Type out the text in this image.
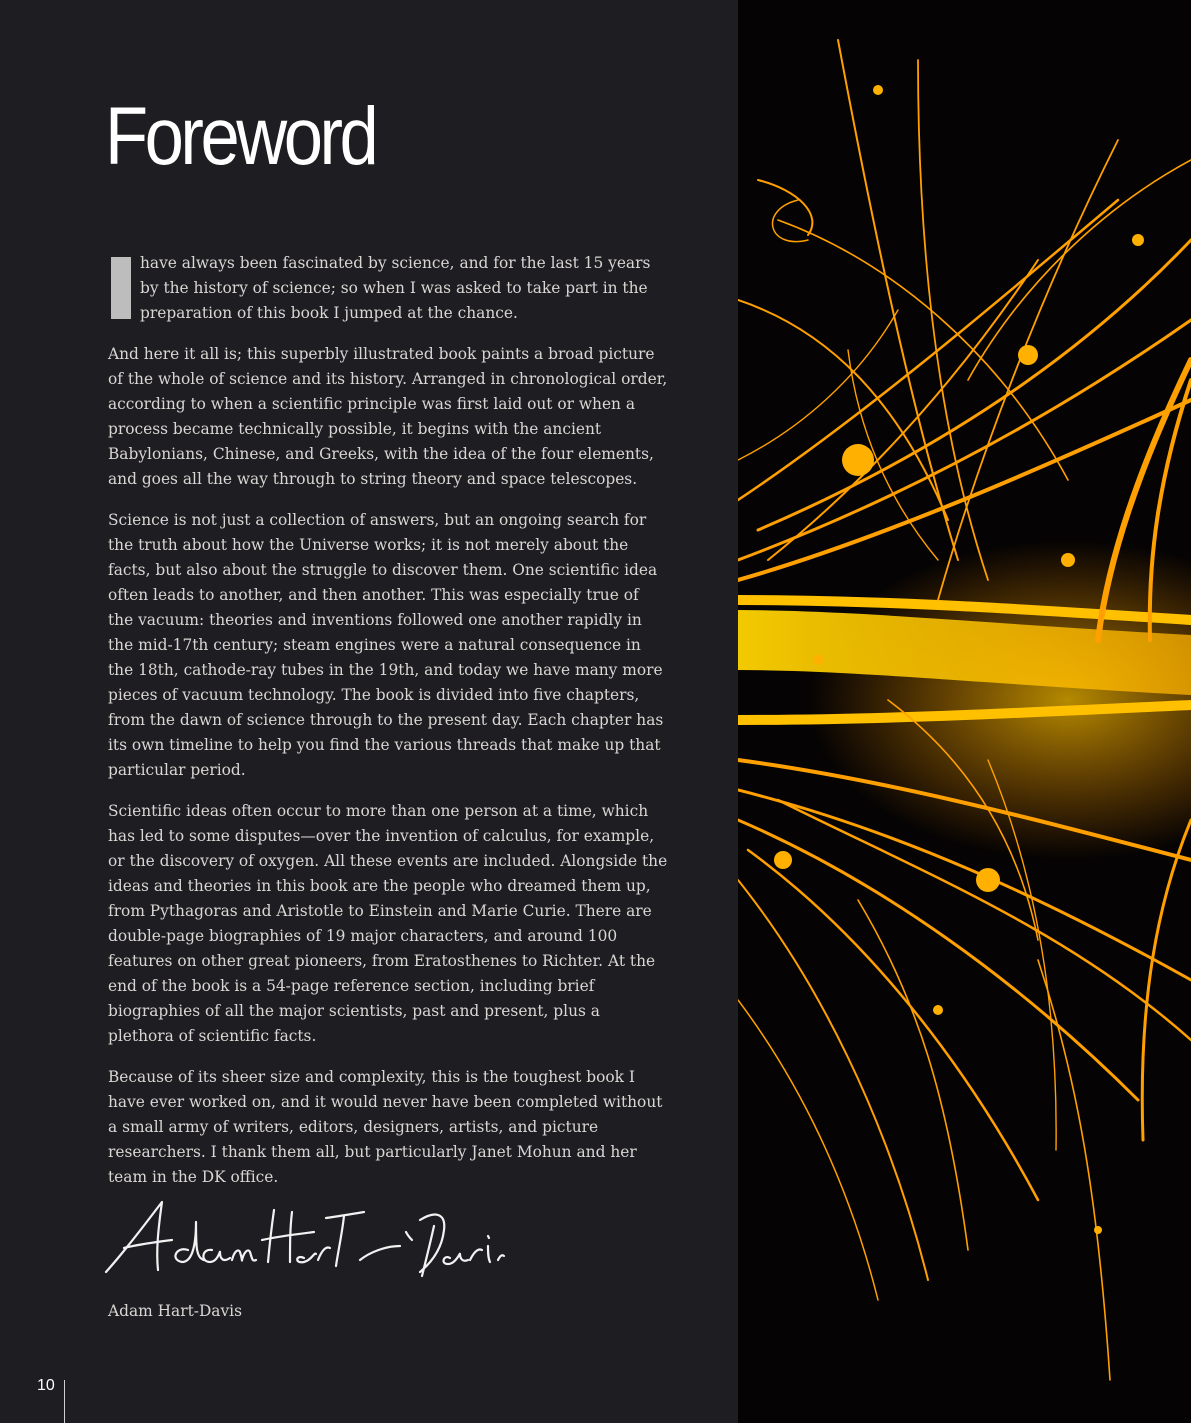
Foreword

have always been fascinated by science, and for the last 15 years by the history of science; so when I was asked to take part in the preparation of this book I jumped at the chance.

And here it all is; this superbly illustrated book paints a broad picture of the whole of science and its history. Arranged in chronological order, according to when a scientific principle was first laid out or when a process became technically possible, it begins with the ancient Babylonians, Chinese, and Greeks, with the idea of the four elements, and goes all the way through to string theory and space telescopes.

Science is not just a collection of answers, but an ongoing search for the truth about how the Universe works; it is not merely about the facts, but also about the struggle to discover them. One scientific idea often leads to another, and then another. This was especially true of the vacuum: theories and inventions followed one another rapidly in the mid-17th century; steam engines were a natural consequence in the 18th, cathode-ray tubes in the 19th, and today we have many more pieces of vacuum technology. The book is divided into five chapters, from the dawn of science through to the present day. Each chapter has its own timeline to help you find the various threads that make up that particular period.

Scientific ideas often occur to more than one person at a time, which has led to some disputes—over the invention of calculus, for example, or the discovery of oxygen. All these events are included. Alongside the ideas and theories in this book are the people who dreamed them up, from Pythagoras and Aristotle to Einstein and Marie Curie. There are double-page biographies of 19 major characters, and around 100 features on other great pioneers, from Eratosthenes to Richter. At the end of the book is a 54-page reference section, including brief biographies of all the major scientists, past and present, plus a plethora of scientific facts.

Because of its sheer size and complexity, this is the toughest book I have ever worked on, and it would never have been completed without a small army of writers, editors, designers, artists, and picture researchers. I thank them all, but particularly Janet Mohun and her team in the DK office.

Adam Hart-Davis
10
